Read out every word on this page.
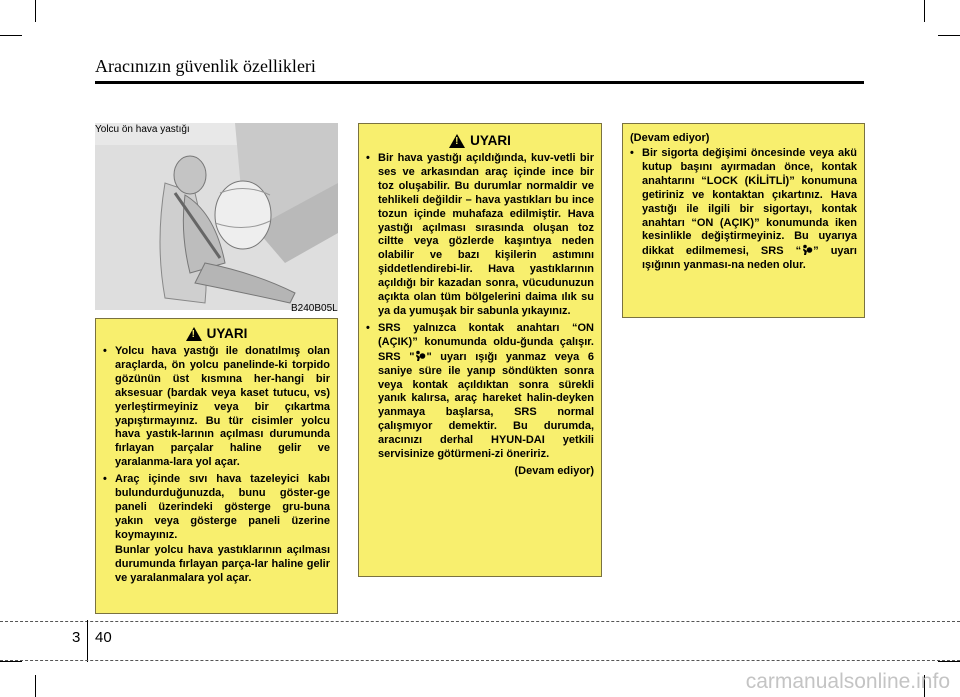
Aracınızın güvenlik özellikleri
Yolcu ön hava yastığı
B240B05L
!
UYARI
• Yolcu hava yastığı ile donatılmış olan araçlarda, ön yolcu panelinde-ki torpido gözünün üst kısmına her-hangi bir aksesuar (bardak veya kaset tutucu, vs) yerleştirmeyiniz veya bir çıkartma yapıştırmayınız. Bu tür cisimler yolcu hava yastık-larının açılması durumunda fırlayan parçalar haline gelir ve yaralanma-lara yol açar.
• Araç içinde sıvı hava tazeleyici kabı bulundurduğunuzda, bunu göster-ge paneli üzerindeki gösterge gru-buna yakın veya gösterge paneli üzerine koymayınız.
Bunlar yolcu hava yastıklarının açılması durumunda fırlayan parça-lar haline gelir ve yaralanmalara yol açar.
!
UYARI
• Bir hava yastığı açıldığında, kuv-vetli bir ses ve arkasından araç içinde ince bir toz oluşabilir. Bu durumlar normaldir ve tehlikeli değildir – hava yastıkları bu ince tozun içinde muhafaza edilmiştir. Hava yastığı açılması sırasında oluşan toz ciltte veya gözlerde kaşıntıya neden olabilir ve bazı kişilerin astımını şiddetlendirebi-lir. Hava yastıklarının açıldığı bir kazadan sonra, vücudunuzun açıkta olan tüm bölgelerini daima ılık su ya da yumuşak bir sabunla yıkayınız.
• SRS yalnızca kontak anahtarı “ON (AÇIK)” konumunda oldu-ğunda çalışır. SRS " " uyarı ışığı yanmaz veya 6 saniye süre ile yanıp söndükten sonra veya kontak açıldıktan sonra sürekli yanık kalırsa, araç hareket halin-deyken yanmaya başlarsa, SRS normal çalışmıyor demektir. Bu durumda, aracınızı derhal HYUN-DAI yetkili servisinize götürmeni-zi öneririz.
(Devam ediyor)
(Devam ediyor)
• Bir sigorta değişimi öncesinde veya akü kutup başını ayırmadan önce, kontak anahtarını “LOCK (KİLİTLİ)” konumuna getiriniz ve kontaktan çıkartınız. Hava yastığı ile ilgili bir sigortayı, kontak anahtarı “ON (AÇIK)” konumunda iken kesinlikle değiştirmeyiniz. Bu uyarıya dikkat edilmemesi, SRS “ ” uyarı ışığının yanması-na neden olur.
3 40
carmanualsonline.info
